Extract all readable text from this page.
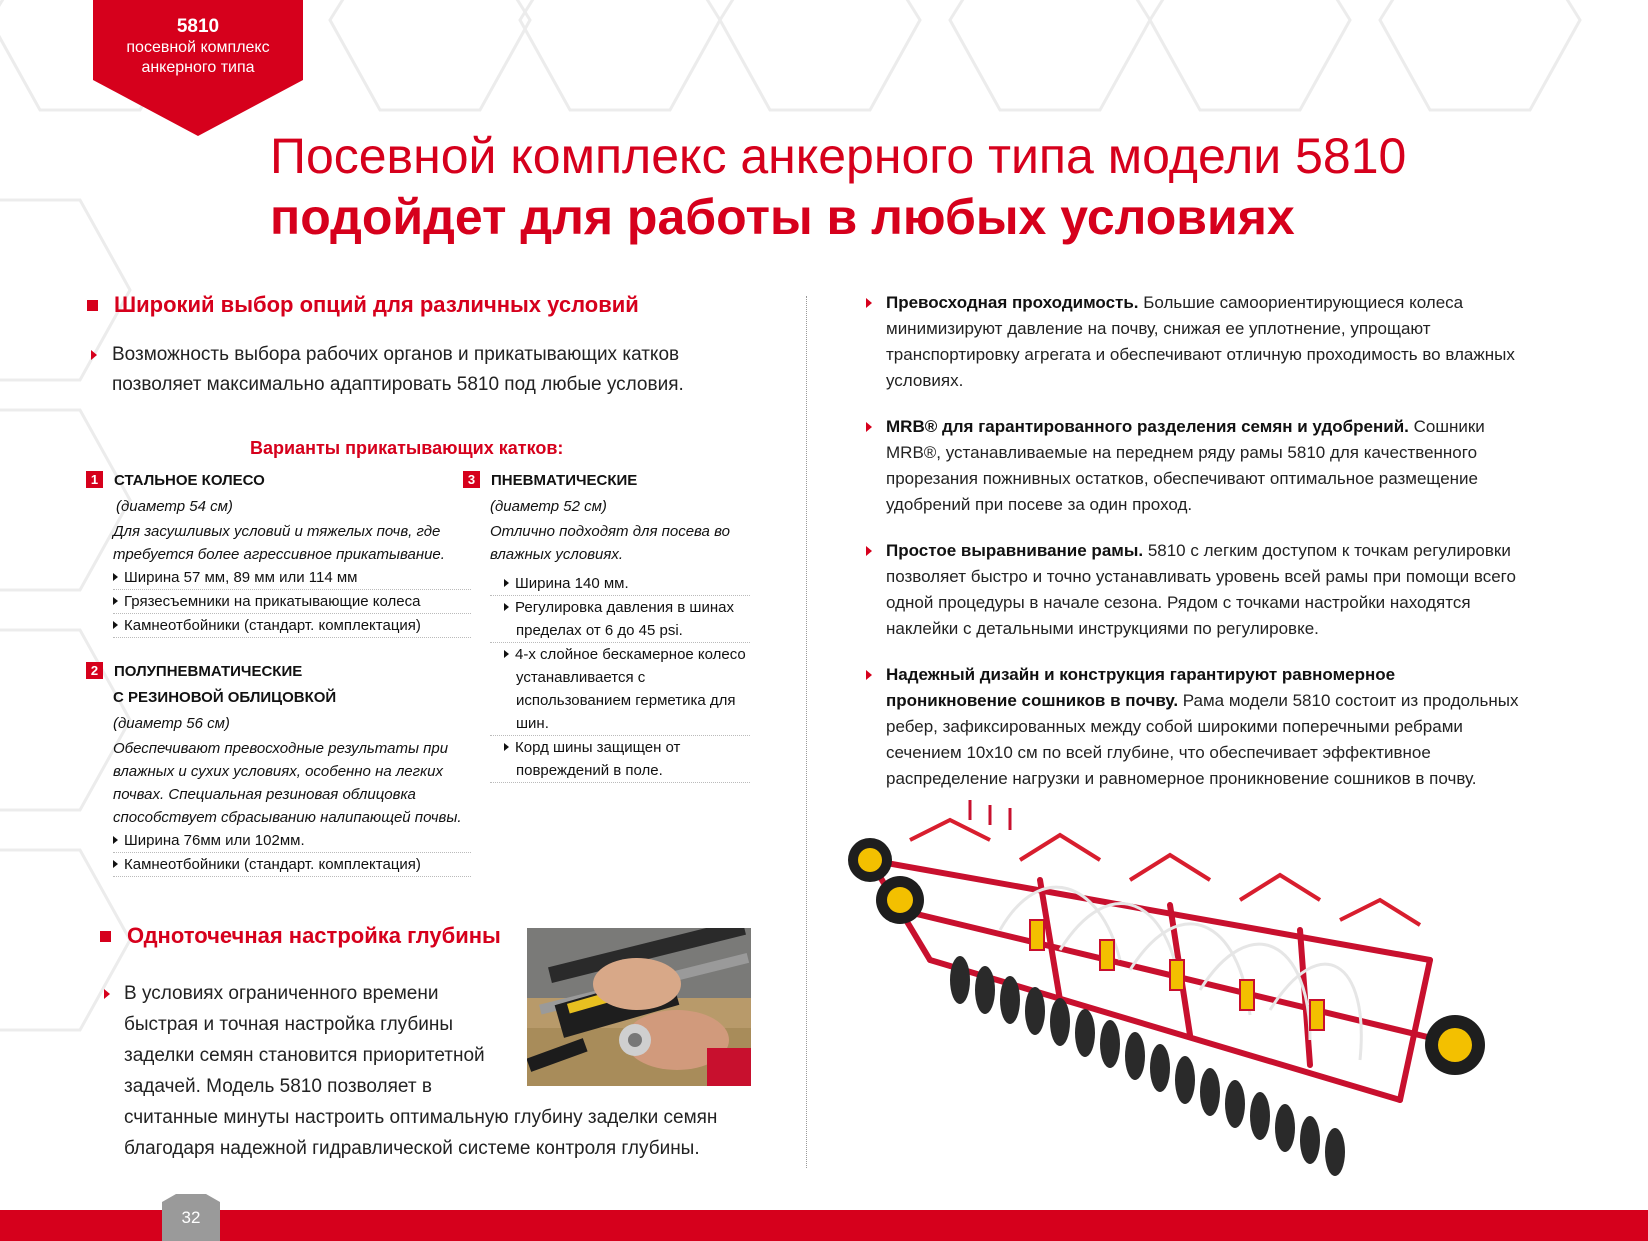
5810
посевной комплекс
анкерного типа
Посевной комплекс анкерного типа модели 5810
подойдет для работы в любых условиях
Широкий выбор опций для различных условий

Возможность выбора рабочих органов и прикатывающих катков позволяет максимально адаптировать 5810 под любые условия.

Варианты прикатывающих катков:
1 СТАЛЬНОЕ КОЛЕСО
(диаметр 54 см)
Для засушливых условий и тяжелых почв, где требуется более агрессивное прикатывание.
Ширина 57 мм, 89 мм или 114 мм
Грязесъемники на прикатывающие колеса
Камнеотбойники (стандарт. комплектация)
2 ПОЛУПНЕВМАТИЧЕСКИЕ
С РЕЗИНОВОЙ ОБЛИЦОВКОЙ
(диаметр 56 см)
Обеспечивают превосходные результаты при влажных и сухих условиях, особенно на легких почвах. Специальная резиновая облицовка способствует сбрасыванию налипающей почвы.
Ширина 76мм или 102мм.
Камнеотбойники (стандарт. комплектация)
3 ПНЕВМАТИЧЕСКИЕ
(диаметр 52 см)
Отлично подходят для посева во влажных условиях.
Ширина 140 мм.
Регулировка давления в шинах пределах от 6 до 45 psi.
4-х слойное бескамерное колесо устанавливается с использованием герметика для шин.
Корд шины защищен от повреждений в поле.
Одноточечная настройка глубины

В условиях ограниченного времени быстрая и точная настройка глубины заделки семян становится приоритетной задачей. Модель 5810 позволяет в
считанные минуты настроить оптимальную глубину заделки семян благодаря надежной гидравлической системе контроля глубины.

Превосходная проходимость. Большие самоориентирующиеся колеса минимизируют давление на почву, снижая ее уплотнение, упрощают транспортировку агрегата и обеспечивают отличную проходимость во влажных условиях.

MRB® для гарантированного разделения семян и удобрений. Сошники MRB®, устанавливаемые на переднем ряду рамы 5810 для качественного прорезания пожнивных остатков, обеспечивают оптимальное размещение удобрений при посеве за один проход.

Простое выравнивание рамы. 5810 с легким доступом к точкам регулировки позволяет быстро и точно устанавливать уровень всей рамы при помощи всего одной процедуры в начале сезона. Рядом с точками настройки находятся наклейки с детальными инструкциями по регулировке.

Надежный дизайн и конструкция гарантируют равномерное проникновение сошников в почву. Рама модели 5810 состоит из продольных ребер, зафиксированных между собой широкими поперечными ребрами сечением 10х10 см по всей глубине, что обеспечивает эффективное распределение нагрузки и равномерное проникновение сошников в почву.

32
